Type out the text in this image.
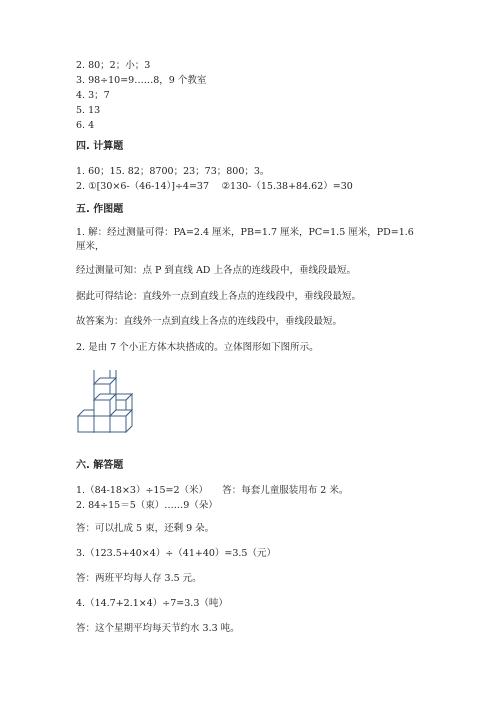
2. 80；2；小；3
3. 98÷10=9……8，9 个教室
4. 3；7
5. 13
6. 4
四. 计算题
1. 60；15. 82；8700；23；73；800；3。
2. ①[30×6-（46-14）]÷4=37　 ②130-（15.38+84.62）=30
五. 作图题
1. 解：经过测量可得：PA=2.4 厘米，PB=1.7 厘米，PC=1.5 厘米，PD=1.6 厘米，
经过测量可知：点 P 到直线 AD 上各点的连线段中，垂线段最短。
据此可得结论：直线外一点到直线上各点的连线段中，垂线段最短。
故答案为：直线外一点到直线上各点的连线段中，垂线段最短。
2. 是由 7 个小正方体木块搭成的。立体图形如下图所示。
六. 解答题
1.（84-18×3）÷15=2（米）　　答：每套儿童服装用布 2 米。
2. 84÷15＝5（束）……9（朵）
答：可以扎成 5 束，还剩 9 朵。
3.（123.5+40×4）÷（41+40）=3.5（元）
答：两班平均每人存 3.5 元。
4.（14.7+2.1×4）÷7=3.3（吨）
答：这个星期平均每天节约水 3.3 吨。
